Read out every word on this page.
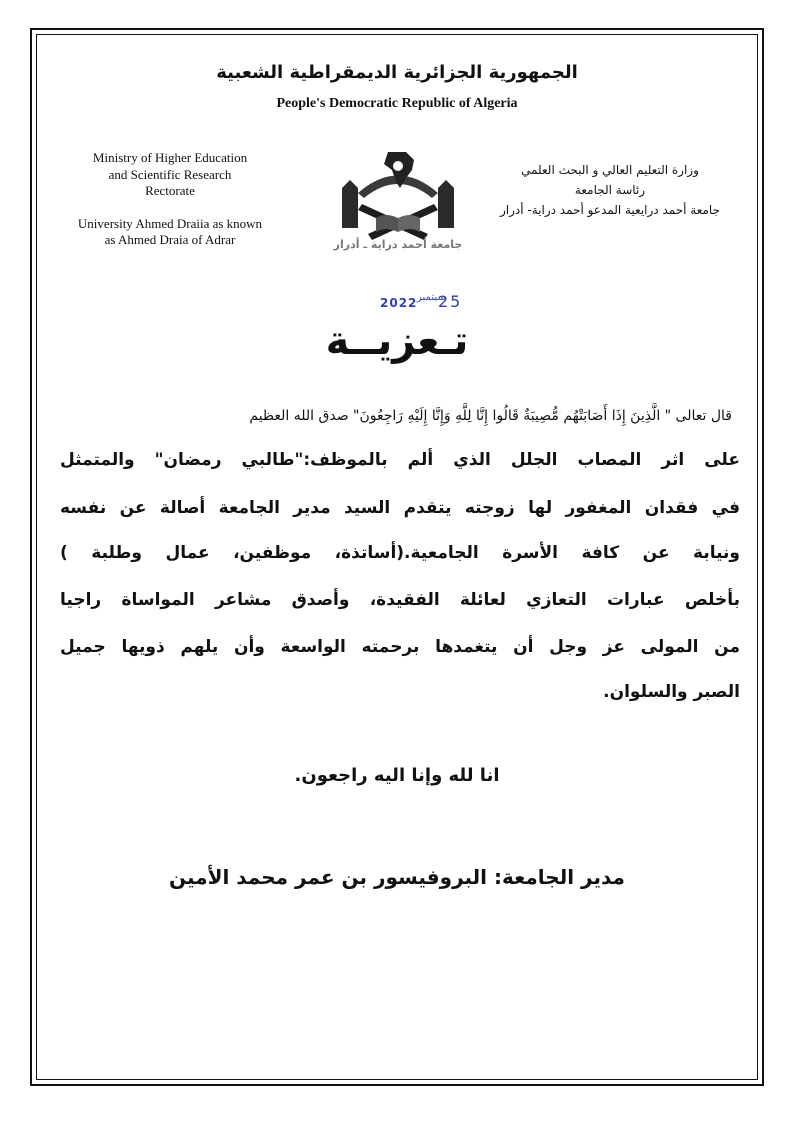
الجمهورية الجزائرية الديمقراطية الشعبية
People's Democratic Republic of Algeria
Ministry of Higher Education
and Scientific Research
Rectorate
University Ahmed Draiia as known
as Ahmed Draia of Adrar
وزارة التعليم العالي و البحث العلمي
رئاسة الجامعة
جامعة أحمد درايعية المدعو أحمد دراية- أدرار
جامعة أحمد دراية ـ أدرار
2022 سبتمبر
25
تـعزيــة
قال تعالى " الَّذِينَ إِذَا أَصَابَتْهُم مُّصِيبَةٌ قَالُوا إِنَّا لِلَّهِ وَإِنَّا إِلَيْهِ رَاجِعُونَ" صدق الله العظيم
على اثر المصاب الجلل الذي ألم بالموظف:"طالبي رمضان" والمتمثل
في فقدان المغفور لها زوجته يتقدم السيد مدير الجامعة أصالة عن نفسه
ونيابة عن كافة الأسرة الجامعية.(أساتذة، موظفين، عمال وطلبة )
بأخلص عبارات التعازي لعائلة الفقيدة، وأصدق مشاعر المواساة راجيا
من المولى عز وجل أن يتغمدها برحمته الواسعة وأن يلهم ذويها جميل
الصبر والسلوان.
انا لله وإنا اليه راجعون.
مدير الجامعة: البروفيسور بن عمر محمد الأمين
